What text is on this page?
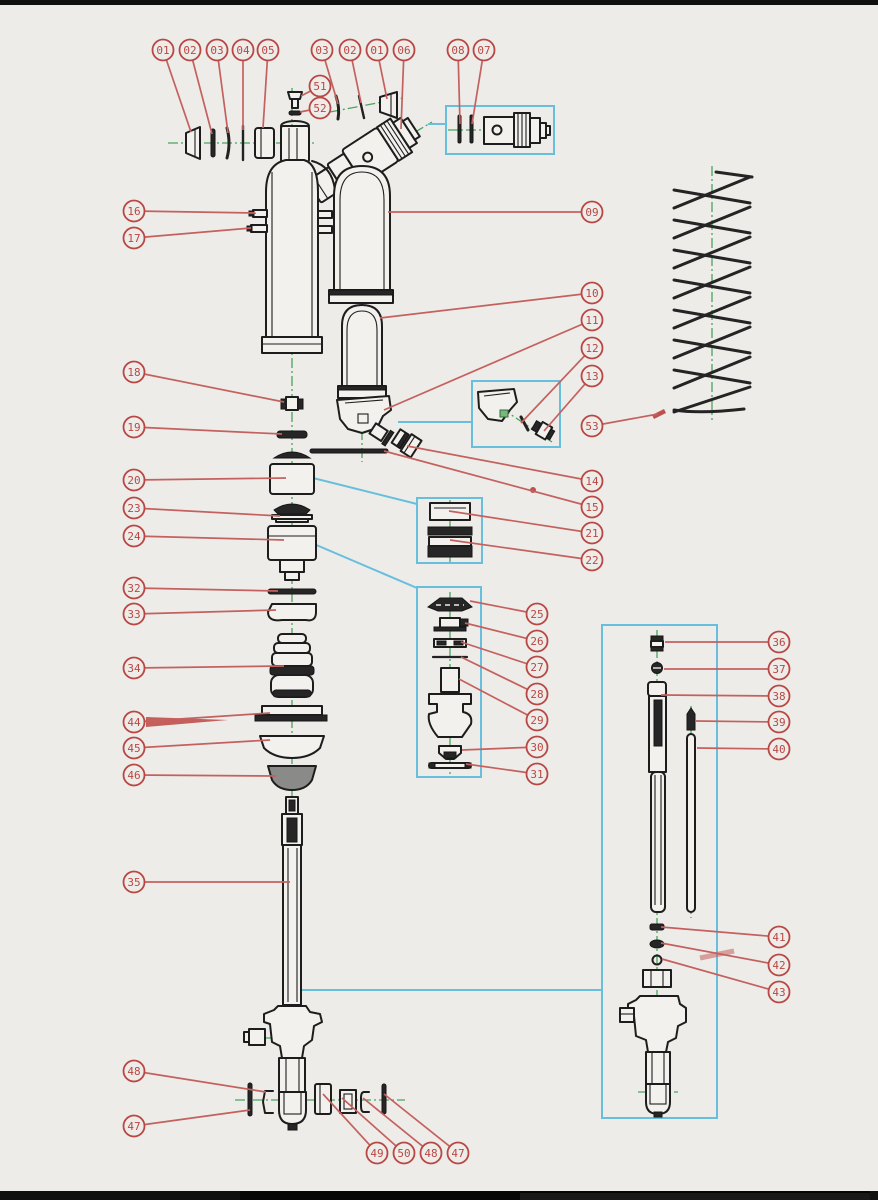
01 02 03 04 05
51
52
03 02 01 06	08 07
16
17
18
19
20
23
24
32
33
34
44
45
46
35
48
47
09
10
11
12
13
53
14
15
21
22
25
26
27
28
29
30
31
36
37
38
39
40
41
42
43
49 50 48 47
